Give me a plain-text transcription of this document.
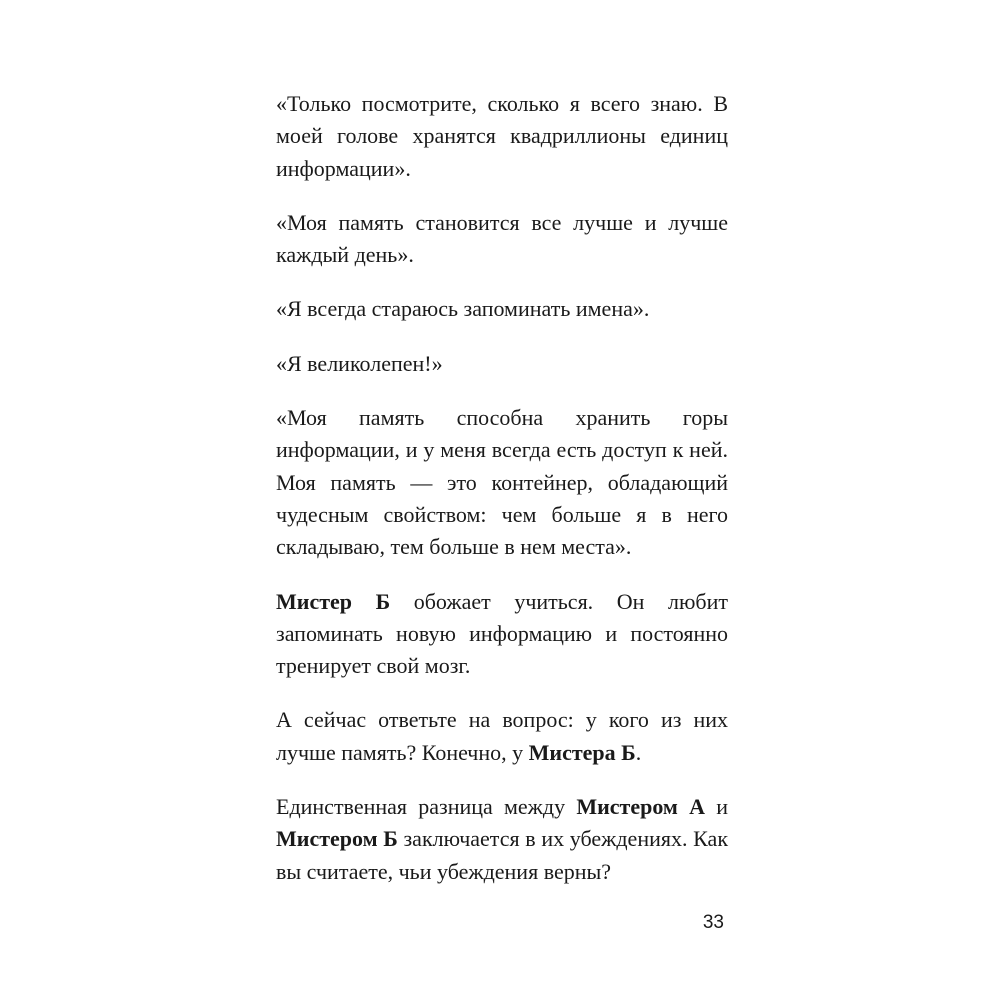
«Только посмотрите, сколько я всего знаю. В моей голове хранятся квадриллионы единиц информации».

«Моя память становится все лучше и лучше каждый день».

«Я всегда стараюсь запоминать имена».

«Я великолепен!»

«Моя память способна хранить горы информации, и у меня всегда есть доступ к ней. Моя память — это контейнер, обладающий чудесным свойством: чем больше я в него складываю, тем больше в нем места».

Мистер Б обожает учиться. Он любит запоминать новую информацию и постоянно тренирует свой мозг.

А сейчас ответьте на вопрос: у кого из них лучше память? Конечно, у Мистера Б.

Единственная разница между Мистером А и Мистером Б заключается в их убеждениях. Как вы считаете, чьи убеждения верны?

33
